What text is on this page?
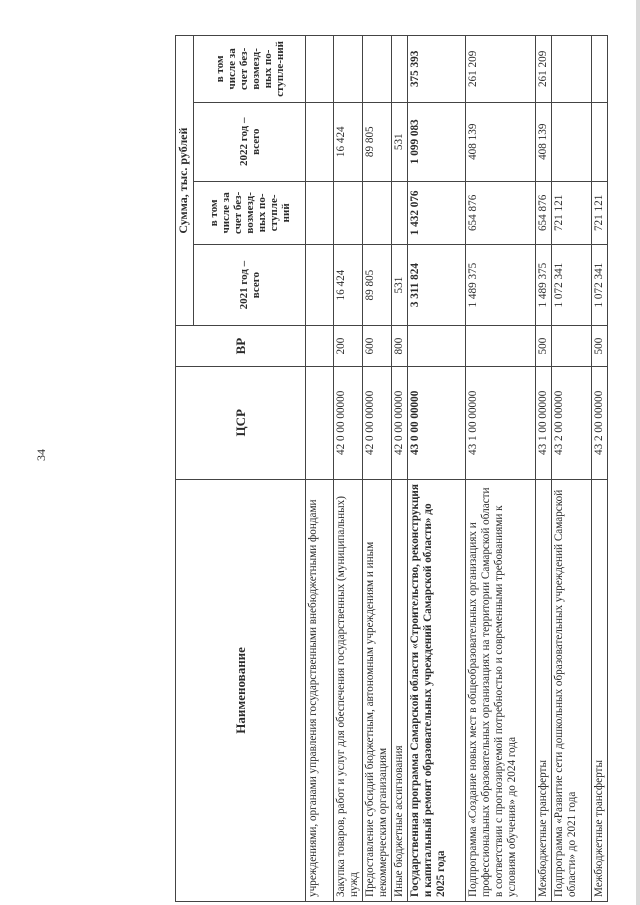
34
Наименование	ЦСР	ВР	Сумма, тыс. рублей			
			2021 год – всего	в том числе за счет без-возмезд-ных по-ступле-ний	2022 год – всего	в том числе за счет без-возмезд-ных по-ступле-ний
учреждениями, органами управления государственными внебюджетными фондами						
Закупка товаров, работ и услуг для обеспечения государственных (муниципальных) нужд	42 0 00 00000	200	16 424		16 424	
Предоставление субсидий бюджетным, автономным учреждениям и иным некоммерческим организациям	42 0 00 00000	600	89 805		89 805	
Иные бюджетные ассигнования	42 0 00 00000	800	531		531	
Государственная программа Самарской области «Строительство, реконструкция и капитальный ремонт образовательных учреждений Самарской области» до 2025 года	43 0 00 00000		3 311 824	1 432 076	1 099 083	375 393
Подпрограмма «Создание новых мест в общеобразовательных организациях и профессиональных образовательных организациях на территории Самарской области в соответствии с прогнозируемой потребностью и современными требованиями к условиям обучения» до 2024 года	43 1 00 00000		1 489 375	654 876	408 139	261 209
Межбюджетные трансферты	43 1 00 00000	500	1 489 375	654 876	408 139	261 209
Подпрограмма «Развитие сети дошкольных образовательных учреждений Самарской области» до 2021 года	43 2 00 00000		1 072 341	721 121		
Межбюджетные трансферты	43 2 00 00000	500	1 072 341	721 121		
